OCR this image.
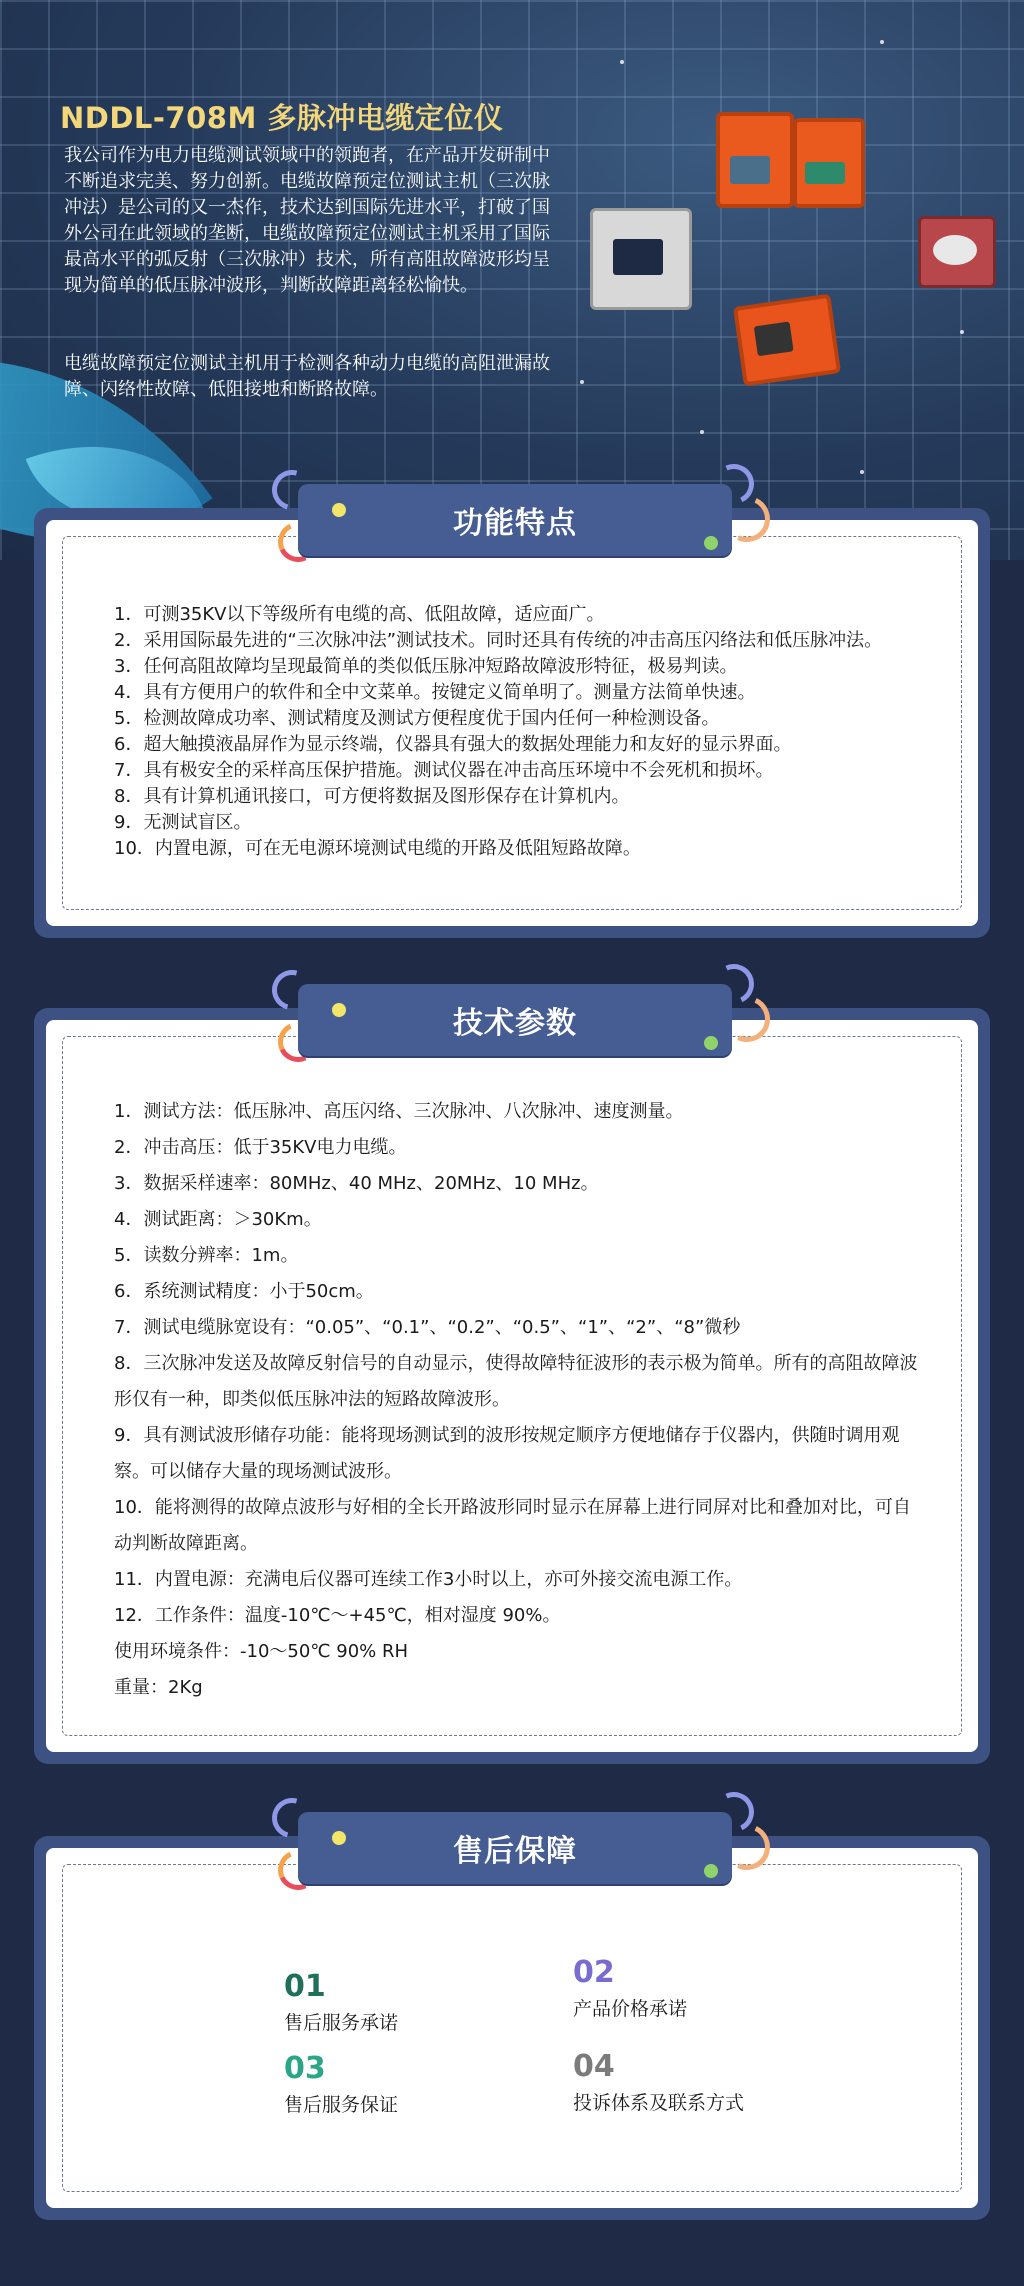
NDDL-708M 多脉冲电缆定位仪

我公司作为电力电缆测试领域中的领跑者，在产品开发研制中不断追求完美、努力创新。电缆故障预定位测试主机（三次脉冲法）是公司的又一杰作，技术达到国际先进水平，打破了国外公司在此领域的垄断，电缆故障预定位测试主机采用了国际最高水平的弧反射（三次脉冲）技术，所有高阻故障波形均呈现为简单的低压脉冲波形，判断故障距离轻松愉快。

电缆故障预定位测试主机用于检测各种动力电缆的高阻泄漏故障、闪络性故障、低阻接地和断路故障。

1．可测35KV以下等级所有电缆的高、低阻故障，适应面广。
2．采用国际最先进的“三次脉冲法”测试技术。同时还具有传统的冲击高压闪络法和低压脉冲法。
3．任何高阻故障均呈现最简单的类似低压脉冲短路故障波形特征，极易判读。
4．具有方便用户的软件和全中文菜单。按键定义简单明了。测量方法简单快速。
5．检测故障成功率、测试精度及测试方便程度优于国内任何一种检测设备。
6．超大触摸液晶屏作为显示终端，仪器具有强大的数据处理能力和友好的显示界面。
7．具有极安全的采样高压保护措施。测试仪器在冲击高压环境中不会死机和损坏。
8．具有计算机通讯接口，可方便将数据及图形保存在计算机内。
9．无测试盲区。
10．内置电源，可在无电源环境测试电缆的开路及低阻短路故障。
功能特点
1．测试方法：低压脉冲、高压闪络、三次脉冲、八次脉冲、速度测量。
2．冲击高压：低于35KV电力电缆。
3．数据采样速率：80MHz、40 MHz、20MHz、10 MHz。
4．测试距离：＞30Km。
5．读数分辨率：1m。
6．系统测试精度：小于50cm。
7．测试电缆脉宽设有：“0.05”、“0.1”、“0.2”、“0.5”、“1”、“2”、“8”微秒
8．三次脉冲发送及故障反射信号的自动显示，使得故障特征波形的表示极为简单。所有的高阻故障波形仅有一种，即类似低压脉冲法的短路故障波形。
9．具有测试波形储存功能：能将现场测试到的波形按规定顺序方便地储存于仪器内，供随时调用观察。可以储存大量的现场测试波形。
10．能将测得的故障点波形与好相的全长开路波形同时显示在屏幕上进行同屏对比和叠加对比，可自动判断故障距离。
11．内置电源：充满电后仪器可连续工作3小时以上，亦可外接交流电源工作。
12．工作条件：温度-10℃～+45℃，相对湿度 90%。
使用环境条件：-10～50℃ 90% RH
重量：2Kg
技术参数
01
售后服务承诺
02
产品价格承诺
03
售后服务保证
04
投诉体系及联系方式
售后保障
